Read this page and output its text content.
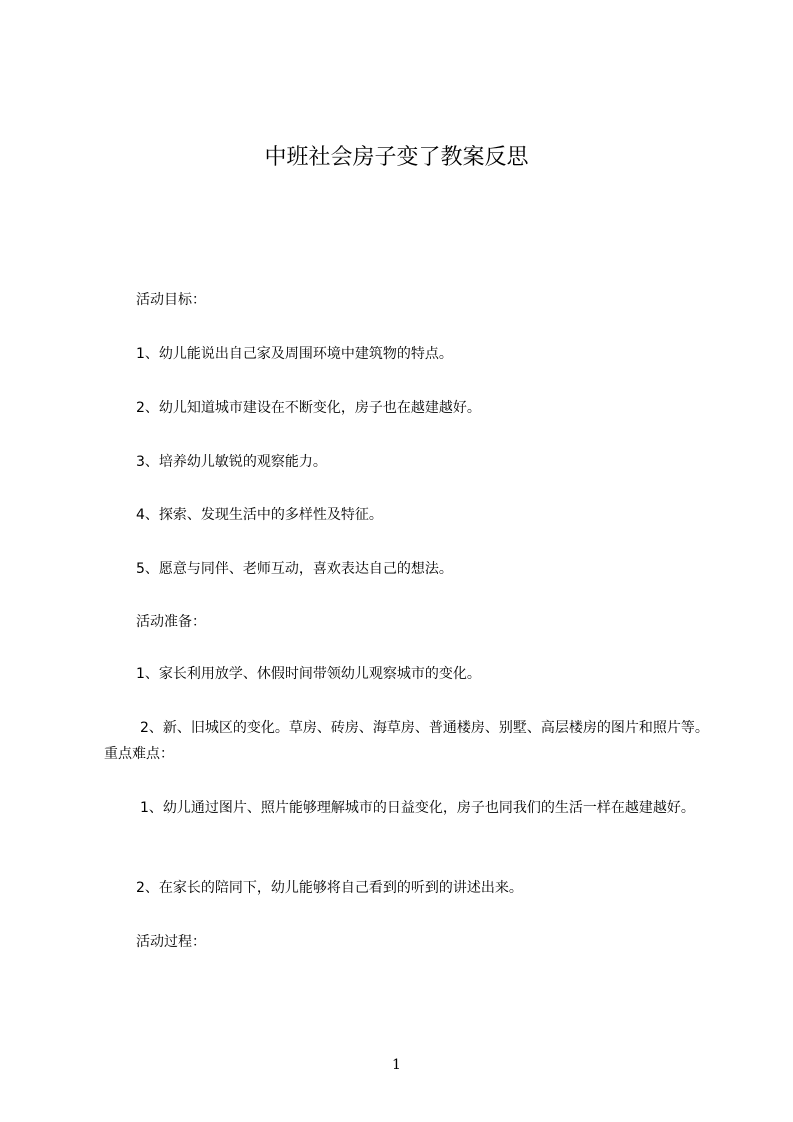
中班社会房子变了教案反思
活动目标：
1、幼儿能说出自己家及周围环境中建筑物的特点。
2、幼儿知道城市建设在不断变化，房子也在越建越好。
3、培养幼儿敏锐的观察能力。
4、探索、发现生活中的多样性及特征。
5、愿意与同伴、老师互动，喜欢表达自己的想法。
活动准备：
1、家长利用放学、休假时间带领幼儿观察城市的变化。
2、新、旧城区的变化。草房、砖房、海草房、普通楼房、别墅、高层楼房的图片和照片等。重点难点：
1、幼儿通过图片、照片能够理解城市的日益变化，房子也同我们的生活一样在越建越好。
2、在家长的陪同下，幼儿能够将自己看到的听到的讲述出来。
活动过程：
1
